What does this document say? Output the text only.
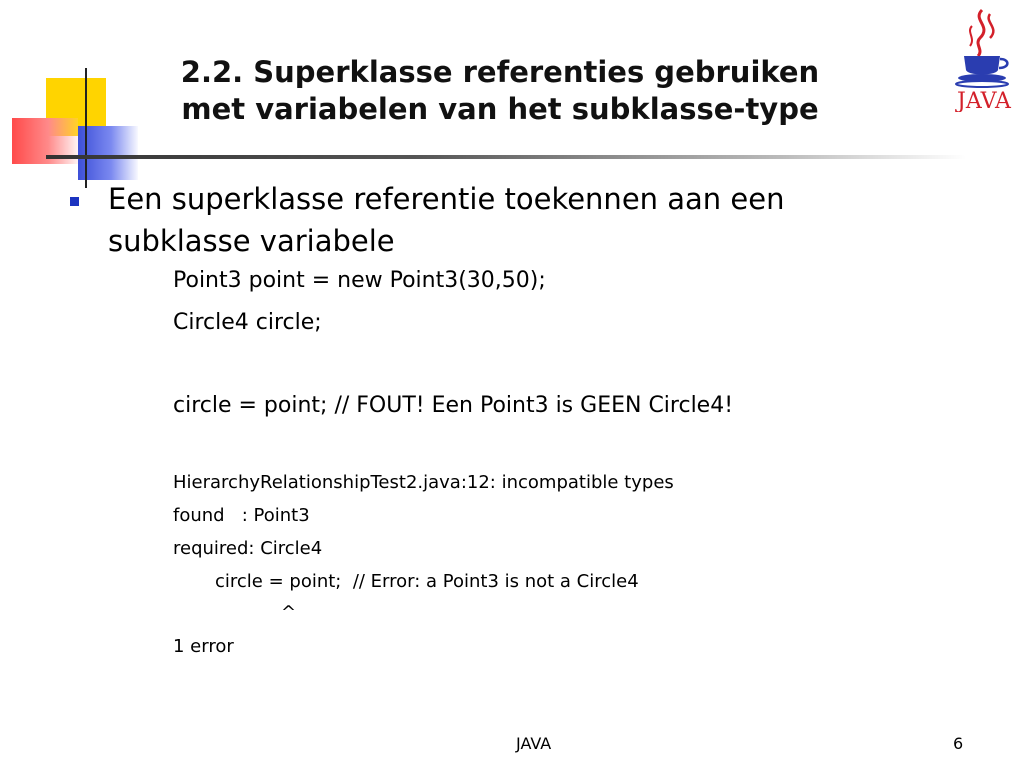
2.2. Superklasse referenties gebruiken met variabelen van het subklasse-type	JAVA
Een superklasse referentie toekennen aan een subklasse variabele
Point3 point = new Point3(30,50);
Circle4 circle;
circle = point; // FOUT! Een Point3 is GEEN Circle4!
HierarchyRelationshipTest2.java:12: incompatible types
found   : Point3
required: Circle4
circle = point;  // Error: a Point3 is not a Circle4
^
1 error
JAVA	6
